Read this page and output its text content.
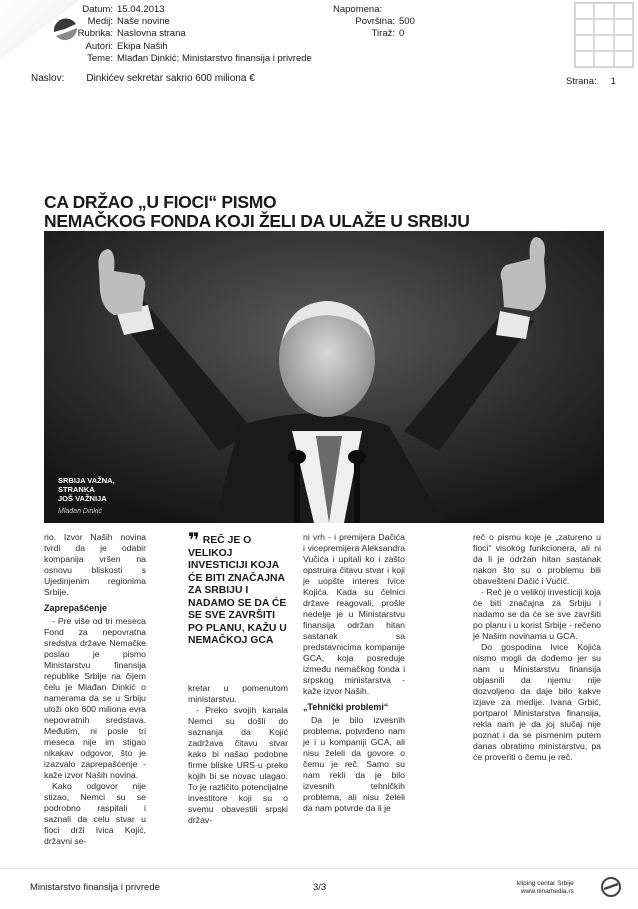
Datum: 15.04.2013
Medij: Naše novine
Rubrika: Naslovna strana
Autori: Ekipa Naših
Teme: Mlađan Dinkić; Ministarstvo finansija i privrede
Napomena:
Površina: 500
Tiraž: 0
Naslov: Dinkićev sekretar sakrio 600 miliona €	Strana: 1
CA DRŽAO „U FIOCI“ PISMO
NEMAČKOG FONDA KOJI ŽELI DA ULAŽE U SRBIJU
SRBIJA VAŽNA,
STRANKA
JOŠ VAŽNIJA
Mlađan Dinkić

rio. Izvor Naših novina tvrdi da je odabir kompanija vršen na osnovu bliskosti s Ujedinjenim regionima Srbije.

Zaprepašćenje

- Pre više od tri meseca Fond za nepovratna sredstva države Nemačke poslao je pismo Ministarstvu finansija republike Srbije na čijem čelu je Mlađan Dinkić o namerama da se u Srbiju uloži oko 600 miliona evra nepovratnih sredstava. Međutim, ni posle tri meseca nije im stigao nikakav odgovor, što je izazvalo zaprepašćenje - kaže izvor Naših novina.

Kako odgovor nije stizao, Nemci su se podrobno raspitali i saznali da celu stvar u fioci drži Ivica Kojić, državni se-

❞ REČ JE O VELIKOJ INVESTICIJI KOJA ĆE BITI ZNAČAJNA ZA SRBIJU I NADAMO SE DA ĆE SE SVE ZAVRŠITI PO PLANU, KAŽU U NEMAČKOJ GCA

kretar u pomenutom ministarstvu.

- Preko svojih kanala Nemci su došli do saznanja da Kojić zadržava čitavu stvar kako bi našao podobne firme bliske URS-u preko kojih bi se novac ulagao. To je različito potencijalne investitore koji su o svemu obavestili srpski držav-

ni vrh - i premijera Dačića i vicepremijera Aleksandra Vučića i upitali ko i zašto opstruira čitavu stvar i koji je uopšte interes Ivice Kojića. Kada su čelnici države reagovali, prošle nedelje je u Ministarstvu finansija održan hitan sastanak sa predstavnicima kompanije GCA, koja posreduje između nemačkog fonda i srpskog ministarstva - kaže izvor Naših.

„Tehnički problemi“

Da je bilo izvesnih problema, potvrđeno nam je i u kompaniji GCA, ali nisu želeli da govore o čemu je reč. Samo su nam rekli da je bilo izvesnih tehničkih problema, ali nisu želeli da nam potvrde da li je

reč o pismu koje je „zatureno u fioci“ visokog funkcionera, ali ni da li je održan hitan sastanak nakon što su o problemu bili obavešteni Dačić i Vučić.

- Reč je o velikoj investiciji koja će biti značajna za Srbiju i nadamo se da će se sve završiti po planu i u korist Srbije - rečeno je Našim novinama u GCA.

Do gospodina Ivice Kojića nismo mogli da dođemo jer su nam u Ministarstvu finansija objasnili da njemu nije dozvoljeno da daje bilo kakve izjave za medije. Ivana Grbić, portparol Ministarstva finansija, rekla nam je da joj slučaj nije poznat i da se pismenim putem danas obratimo ministarstvu, pa će proveriti o čemu je reč.

Ministarstvo finansija i privrede	3/3	kliping centar Srbije
www.ninamedia.rs
